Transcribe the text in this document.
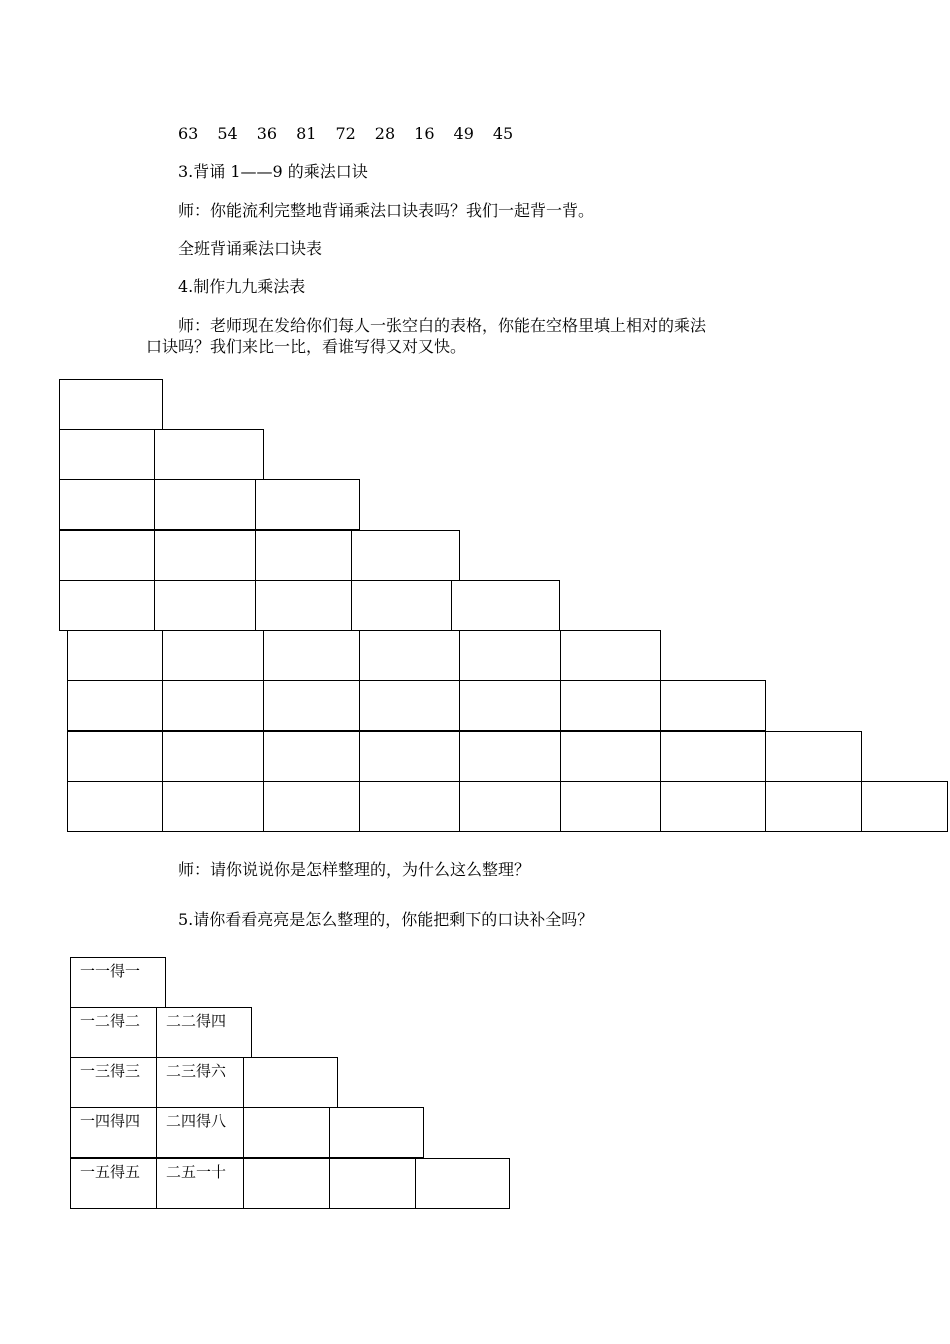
63 54 36 81 72 28 16 49 45
3.背诵 1——9 的乘法口诀
师：你能流利完整地背诵乘法口诀表吗？我们一起背一背。
全班背诵乘法口诀表
4.制作九九乘法表
师：老师现在发给你们每人一张空白的表格，你能在空格里填上相对的乘法
口诀吗？我们来比一比，看谁写得又对又快。
师：请你说说你是怎样整理的，为什么这么整理？
5.请你看看亮亮是怎么整理的，你能把剩下的口诀补全吗？
一一得一
一二得二 二二得四
一三得三 二三得六
一四得四 二四得八
一五得五 二五一十
